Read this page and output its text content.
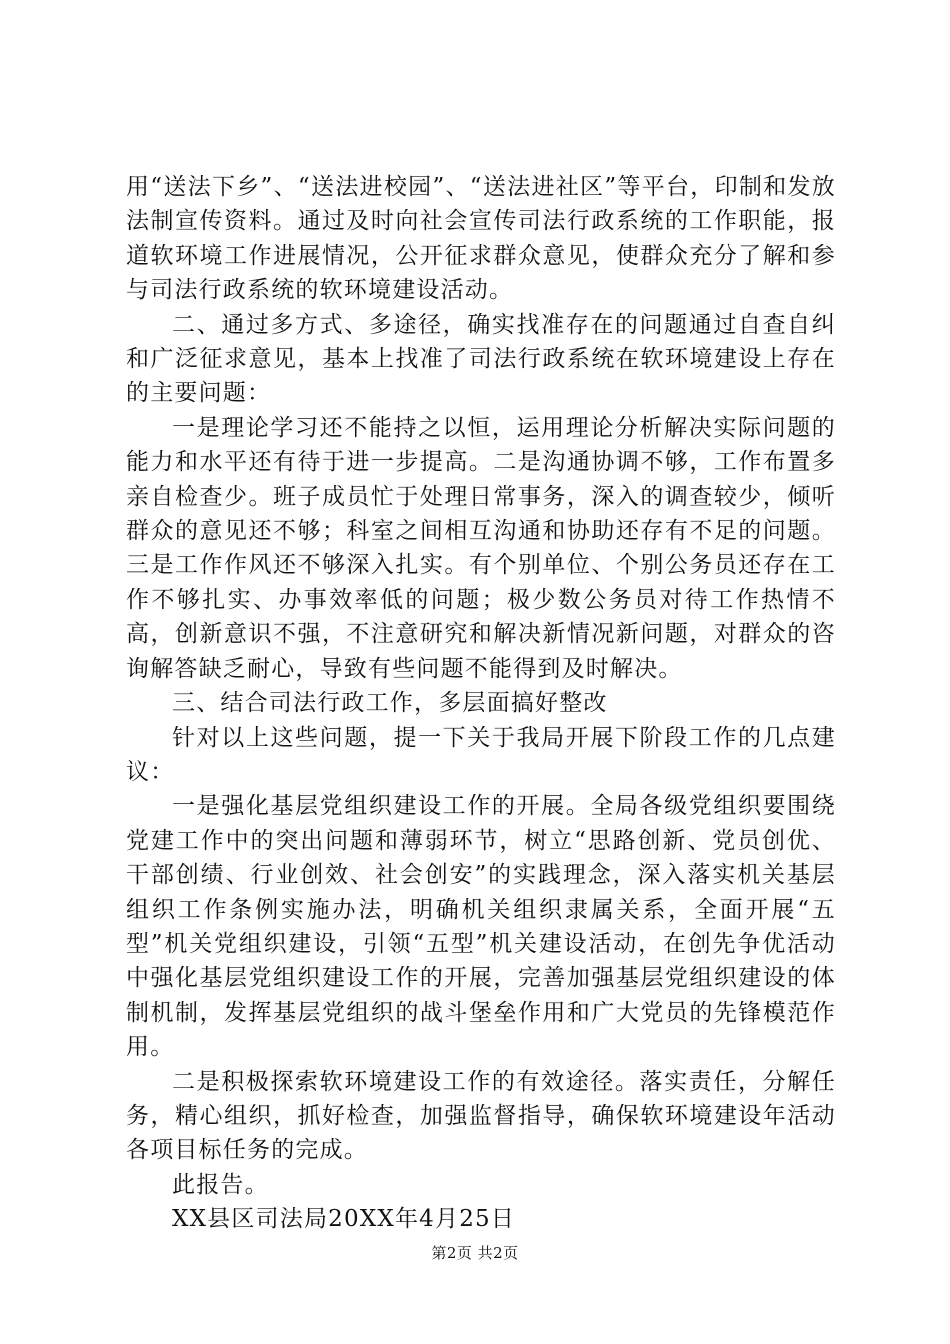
用“送法下乡”、“送法进校园”、“送法进社区”等平台，印制和发放法制宣传资料。通过及时向社会宣传司法行政系统的工作职能，报道软环境工作进展情况，公开征求群众意见，使群众充分了解和参与司法行政系统的软环境建设活动。

二、通过多方式、多途径，确实找准存在的问题通过自查自纠和广泛征求意见，基本上找准了司法行政系统在软环境建设上存在的主要问题：

一是理论学习还不能持之以恒，运用理论分析解决实际问题的能力和水平还有待于进一步提高。二是沟通协调不够，工作布置多亲自检查少。班子成员忙于处理日常事务，深入的调查较少，倾听群众的意见还不够；科室之间相互沟通和协助还存有不足的问题。三是工作作风还不够深入扎实。有个别单位、个别公务员还存在工作不够扎实、办事效率低的问题；极少数公务员对待工作热情不高，创新意识不强，不注意研究和解决新情况新问题，对群众的咨询解答缺乏耐心，导致有些问题不能得到及时解决。

三、结合司法行政工作，多层面搞好整改

针对以上这些问题，提一下关于我局开展下阶段工作的几点建议：

一是强化基层党组织建设工作的开展。全局各级党组织要围绕党建工作中的突出问题和薄弱环节，树立“思路创新、党员创优、干部创绩、行业创效、社会创安”的实践理念，深入落实机关基层组织工作条例实施办法，明确机关组织隶属关系，全面开展“五型”机关党组织建设，引领“五型”机关建设活动，在创先争优活动中强化基层党组织建设工作的开展，完善加强基层党组织建设的体制机制，发挥基层党组织的战斗堡垒作用和广大党员的先锋模范作用。

二是积极探索软环境建设工作的有效途径。落实责任，分解任务，精心组织，抓好检查，加强监督指导，确保软环境建设年活动各项目标任务的完成。

此报告。

XX县区司法局20XX年4月25日

第2页 共2页
